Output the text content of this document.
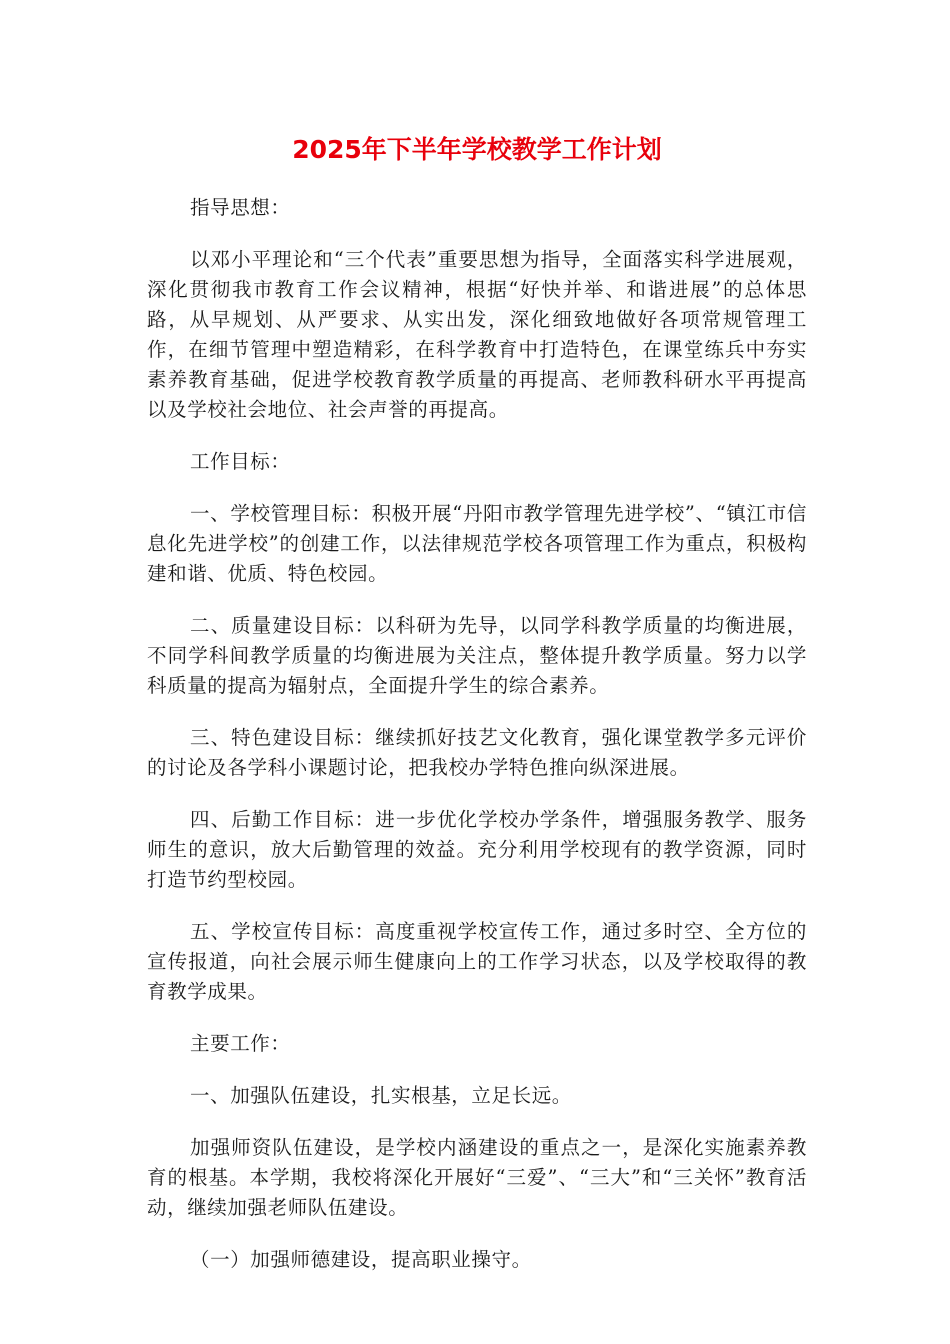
2025年下半年学校教学工作计划

指导思想：

以邓小平理论和“三个代表”重要思想为指导，全面落实科学进展观，深化贯彻我市教育工作会议精神，根据“好快并举、和谐进展”的总体思路，从早规划、从严要求、从实出发，深化细致地做好各项常规管理工作，在细节管理中塑造精彩，在科学教育中打造特色，在课堂练兵中夯实素养教育基础，促进学校教育教学质量的再提高、老师教科研水平再提高以及学校社会地位、社会声誉的再提高。

工作目标：

一、学校管理目标：积极开展“丹阳市教学管理先进学校”、“镇江市信息化先进学校”的创建工作，以法律规范学校各项管理工作为重点，积极构建和谐、优质、特色校园。

二、质量建设目标：以科研为先导，以同学科教学质量的均衡进展，不同学科间教学质量的均衡进展为关注点，整体提升教学质量。努力以学科质量的提高为辐射点，全面提升学生的综合素养。

三、特色建设目标：继续抓好技艺文化教育，强化课堂教学多元评价的讨论及各学科小课题讨论，把我校办学特色推向纵深进展。

四、后勤工作目标：进一步优化学校办学条件，增强服务教学、服务师生的意识，放大后勤管理的效益。充分利用学校现有的教学资源，同时打造节约型校园。

五、学校宣传目标：高度重视学校宣传工作，通过多时空、全方位的宣传报道，向社会展示师生健康向上的工作学习状态，以及学校取得的教育教学成果。

主要工作：

一、加强队伍建设，扎实根基，立足长远。

加强师资队伍建设，是学校内涵建设的重点之一，是深化实施素养教育的根基。本学期，我校将深化开展好“三爱”、“三大”和“三关怀”教育活动，继续加强老师队伍建设。

（一）加强师德建设，提高职业操守。
